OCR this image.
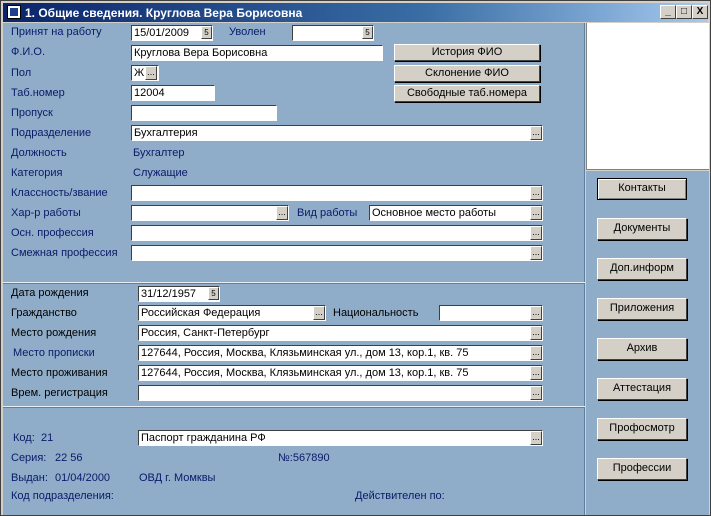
1. Общие сведения. Круглова Вера Борисовна	_	□ X
Принят на работу	15/01/2009	5 Уволен	5
Ф.И.О.	Круглова Вера Борисовна	История ФИО
Пол	Ж ...	Склонение ФИО
Таб.номер	12004	Свободные таб.номера
Пропуск
Подразделение	Бухгалтерия	...
Должность	Бухгалтер
Категория	Служащие
Классность/звание	...
Хар-р работы	... Вид работы Основное место работы	...
Осн. профессия	...
Смежная профессия	...
Дата рождения	31/12/1957	5
Гражданство	Российская Федерация	... Национальность	...
Место рождения	Россия, Санкт-Петербург	...
Место прописки	127644, Россия, Москва, Клязьминская ул., дом 13, кор.1, кв. 75	...
Место проживания	127644, Россия, Москва, Клязьминская ул., дом 13, кор.1, кв. 75	...
Врем. регистрация	...
Код: 21	Паспорт гражданина РФ	...
Серия: 22 56	№:567890
Выдан: 01/04/2000	ОВД г. Момквы
Код подразделения:	Действителен по:
Контакты
Документы
Доп.информ
Приложения
Архив
Аттестация
Профосмотр
Профессии
